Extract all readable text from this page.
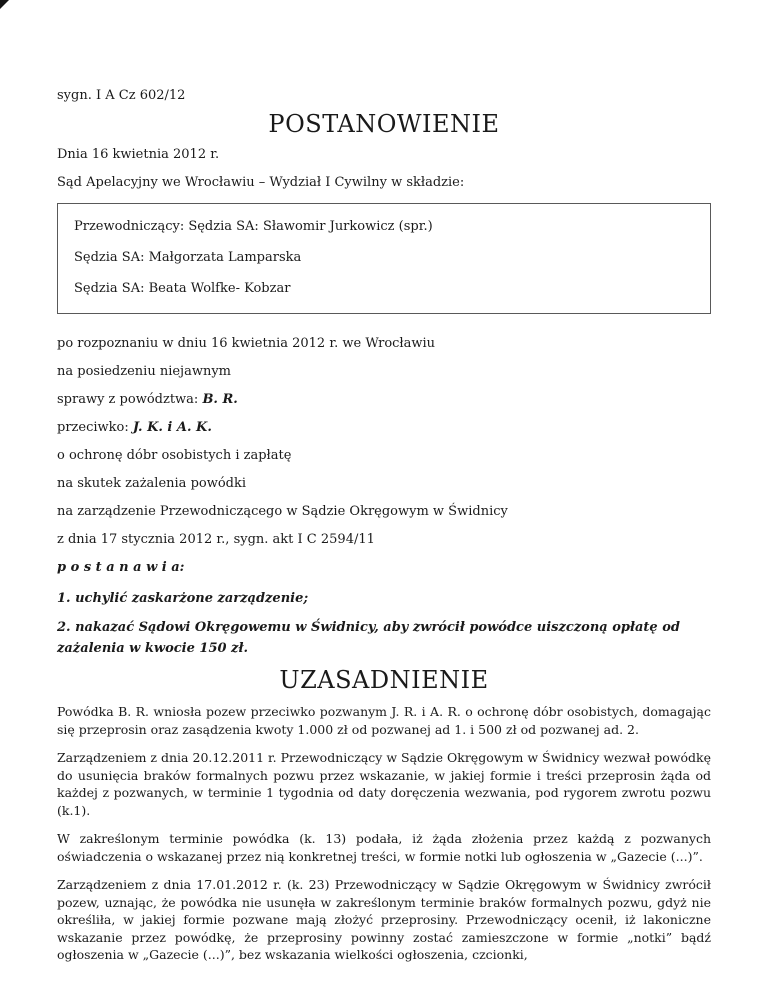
sygn. I A Cz 602/12

POSTANOWIENIE

Dnia 16 kwietnia 2012 r.

Sąd Apelacyjny we Wrocławiu – Wydział I Cywilny w składzie:

Przewodniczący: Sędzia SA: Sławomir Jurkowicz (spr.)

Sędzia SA: Małgorzata Lamparska

Sędzia SA: Beata Wolfke- Kobzar

po rozpoznaniu w dniu 16 kwietnia 2012 r. we Wrocławiu

na posiedzeniu niejawnym

sprawy z powództwa: B. R.

przeciwko: J. K. i A. K.

o ochronę dóbr osobistych i zapłatę

na skutek zażalenia powódki

na zarządzenie Przewodniczącego w Sądzie Okręgowym w Świdnicy

z dnia 17 stycznia 2012 r., sygn. akt I C 2594/11

p o s t a n a w i a:

1. uchylić zaskarżone zarządzenie;

2. nakazać Sądowi Okręgowemu w Świdnicy, aby zwrócił powódce uiszczoną opłatę od zażalenia w kwocie 150 zł.

UZASADNIENIE

Powódka B. R. wniosła pozew przeciwko pozwanym J. R. i A. R. o ochronę dóbr osobistych, domagając się przeprosin oraz zasądzenia kwoty 1.000 zł od pozwanej ad 1. i 500 zł od pozwanej ad. 2.

Zarządzeniem z dnia 20.12.2011 r. Przewodniczący w Sądzie Okręgowym w Świdnicy wezwał powódkę do usunięcia braków formalnych pozwu przez wskazanie, w jakiej formie i treści przeprosin żąda od każdej z pozwanych, w terminie 1 tygodnia od daty doręczenia wezwania, pod rygorem zwrotu pozwu (k.1).

W zakreślonym terminie powódka (k. 13) podała, iż żąda złożenia przez każdą z pozwanych oświadczenia o wskazanej przez nią konkretnej treści, w formie notki lub ogłoszenia w „Gazecie (...)”.

Zarządzeniem z dnia 17.01.2012 r. (k. 23) Przewodniczący w Sądzie Okręgowym w Świdnicy zwrócił pozew, uznając, że powódka nie usunęła w zakreślonym terminie braków formalnych pozwu, gdyż nie określiła, w jakiej formie pozwane mają złożyć przeprosiny. Przewodniczący ocenił, iż lakoniczne wskazanie przez powódkę, że przeprosiny powinny zostać zamieszczone w formie „notki” bądź ogłoszenia w „Gazecie (...)”, bez wskazania wielkości ogłoszenia, czcionki,
